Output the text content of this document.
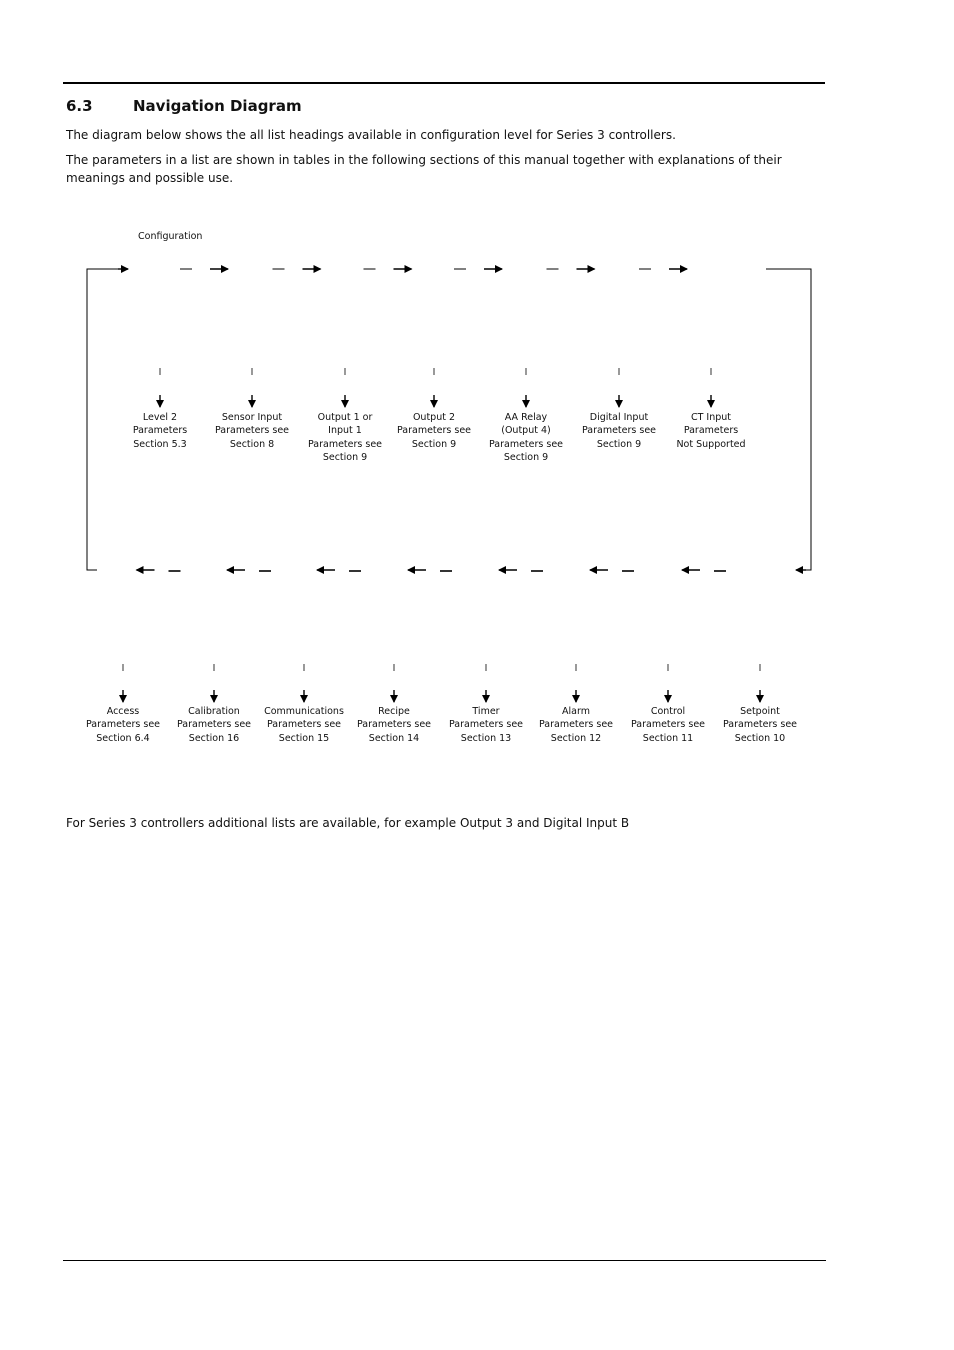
6.3	Navigation Diagram

The diagram below shows the all list headings available in configuration level for Series 3 controllers.

The parameters in a list are shown in tables in the following sections of this manual together with explanations of their meanings and possible use.

Configuration
Level 2
Parameters
Section 5.3
Sensor Input
Parameters see
Section 8
Output 1 or
Input 1
Parameters see
Section 9
Output 2
Parameters see
Section 9
AA Relay
(Output 4)
Parameters see
Section 9
Digital Input
Parameters see
Section 9
CT Input
Parameters
Not Supported
Access
Parameters see
Section 6.4
Calibration
Parameters see
Section 16
Communications
Parameters see
Section 15
Recipe
Parameters see
Section 14
Timer
Parameters see
Section 13
Alarm
Parameters see
Section 12
Control
Parameters see
Section 11
Setpoint
Parameters see
Section 10

For Series 3 controllers additional lists are available, for example Output 3 and Digital Input B
